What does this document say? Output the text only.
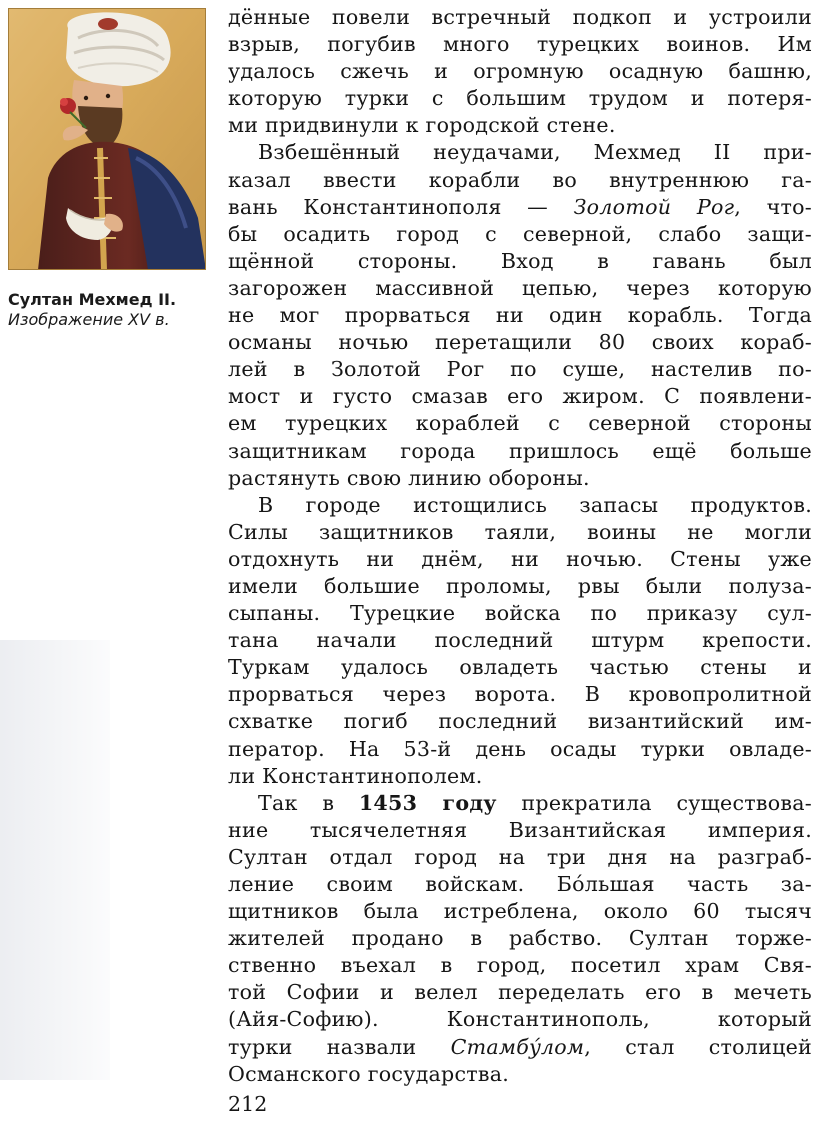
Султан Мехмед II.
Изображение XV в.
дённые повели встречный подкоп и устроили
взрыв, погубив много турецких воинов. Им
удалось сжечь и огромную осадную башню,
которую турки с большим трудом и потеря-
ми придвинули к городской стене.
Взбешённый неудачами, Мехмед II при-
казал ввести корабли во внутреннюю га-
вань Константинополя — Золотой Рог, что-
бы осадить город с северной, слабо защи-
щённой стороны. Вход в гавань был
загорожен массивной цепью, через которую
не мог прорваться ни один корабль. Тогда
османы ночью перетащили 80 своих кораб-
лей в Золотой Рог по суше, настелив по-
мост и густо смазав его жиром. С появлени-
ем турецких кораблей с северной стороны
защитникам города пришлось ещё больше
растянуть свою линию обороны.
В городе истощились запасы продуктов.
Силы защитников таяли, воины не могли
отдохнуть ни днём, ни ночью. Стены уже
имели большие проломы, рвы были полуза-
сыпаны. Турецкие войска по приказу сул-
тана начали последний штурм крепости.
Туркам удалось овладеть частью стены и
прорваться через ворота. В кровопролитной
схватке погиб последний византийский им-
ператор. На 53-й день осады турки овладе-
ли Константинополем.
Так в 1453 году прекратила существова-
ние тысячелетняя Византийская империя.
Султан отдал город на три дня на разграб-
ление своим войскам. Бóльшая часть за-
щитников была истреблена, около 60 тысяч
жителей продано в рабство. Султан торже-
ственно въехал в город, посетил храм Свя-
той Софии и велел переделать его в мечеть
(Айя-Софию). Константинополь, который
турки назвали Стамбýлом, стал столицей
Османского государства.
212
